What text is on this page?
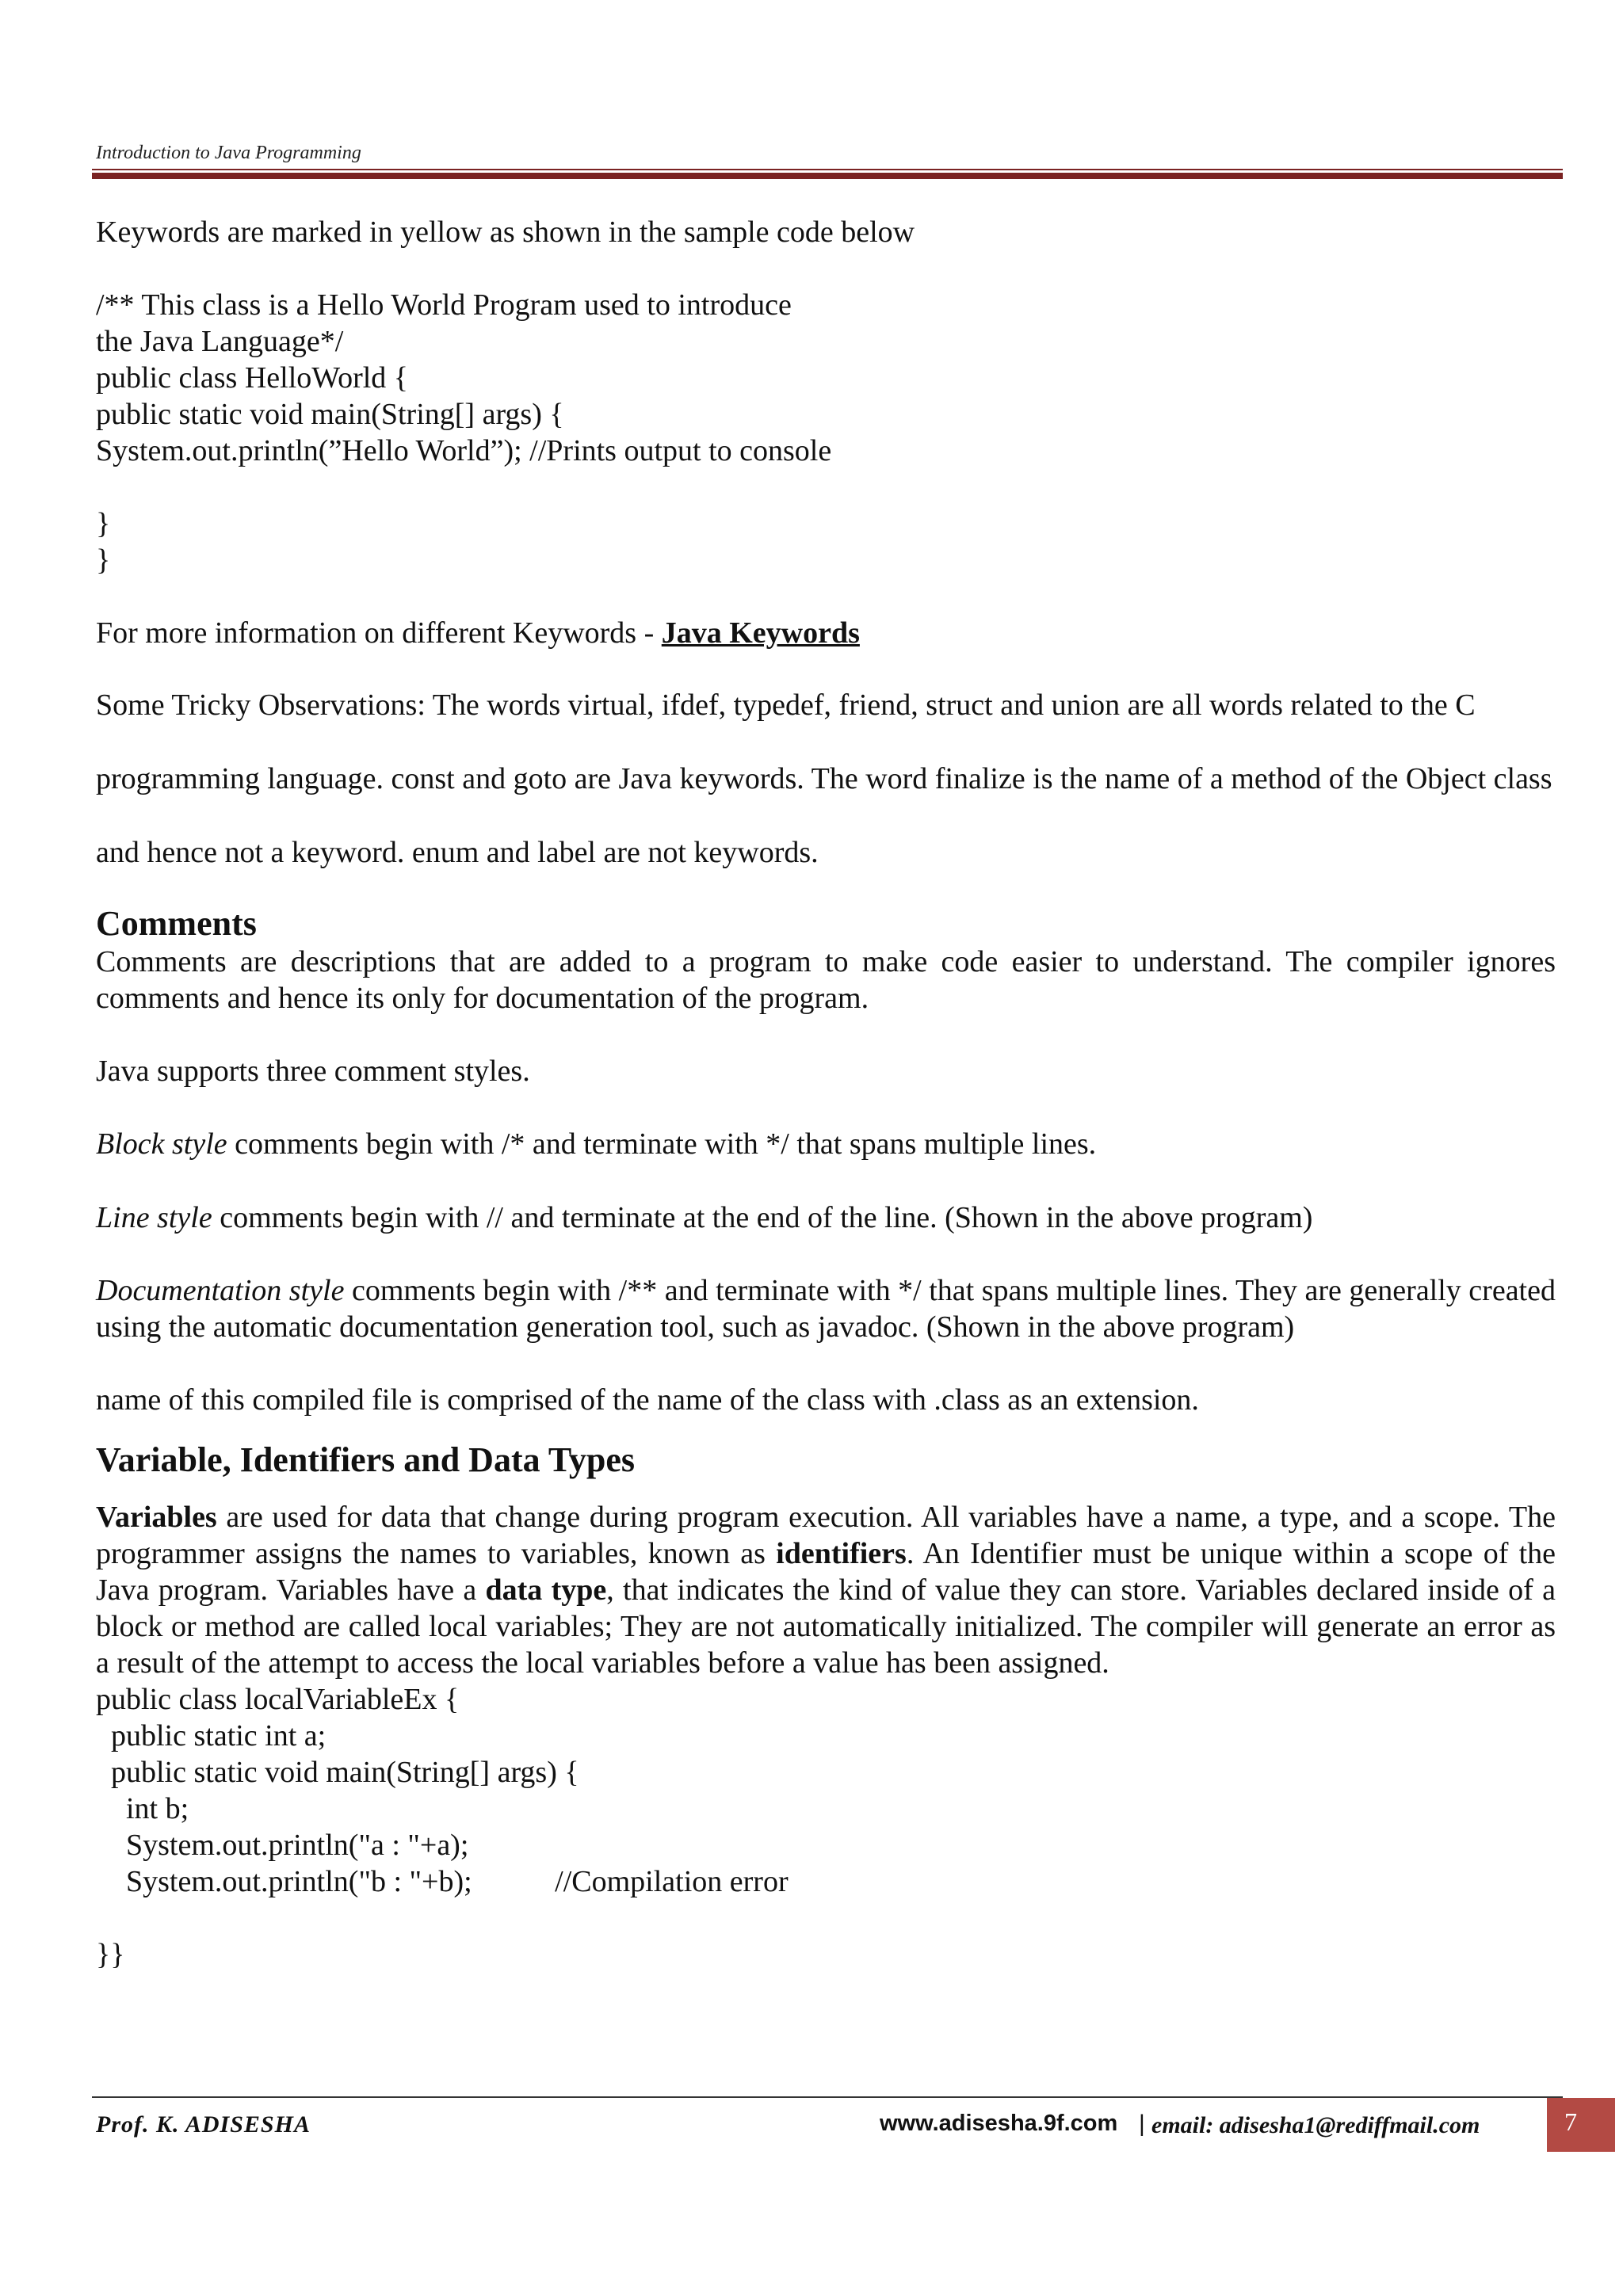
Introduction to Java Programming

Keywords are marked in yellow as shown in the sample code below

/** This class is a Hello World Program used to introduce
the Java Language*/
public class HelloWorld {
public static void main(String[] args) {
System.out.println(”Hello World”); //Prints output to console
}
}

For more information on different Keywords - Java Keywords

Some Tricky Observations: The words virtual, ifdef, typedef, friend, struct and union are all words related to the C programming language. const and goto are Java keywords. The word finalize is the name of a method of the Object class and hence not a keyword. enum and label are not keywords.

Comments

Comments are descriptions that are added to a program to make code easier to understand. The compiler ignores comments and hence its only for documentation of the program.

Java supports three comment styles.

Block style comments begin with /* and terminate with */ that spans multiple lines.

Line style comments begin with // and terminate at the end of the line. (Shown in the above program)

Documentation style comments begin with /** and terminate with */ that spans multiple lines. They are generally created using the automatic documentation generation tool, such as javadoc. (Shown in the above program)

name of this compiled file is comprised of the name of the class with .class as an extension.

Variable, Identifiers and Data Types

Variables are used for data that change during program execution. All variables have a name, a type, and a scope. The programmer assigns the names to variables, known as identifiers. An Identifier must be unique within a scope of the Java program. Variables have a data type, that indicates the kind of value they can store. Variables declared inside of a block or method are called local variables; They are not automatically initialized. The compiler will generate an error as a result of the attempt to access the local variables before a value has been assigned.

public class localVariableEx {
public static int a;
public static void main(String[] args) {
int b;
System.out.println("a : "+a);
System.out.println("b : "+b);           //Compilation error
}}
Prof. K. ADISESHA	www.adisesha.9f.com | email: adisesha1@rediffmail.com	7
